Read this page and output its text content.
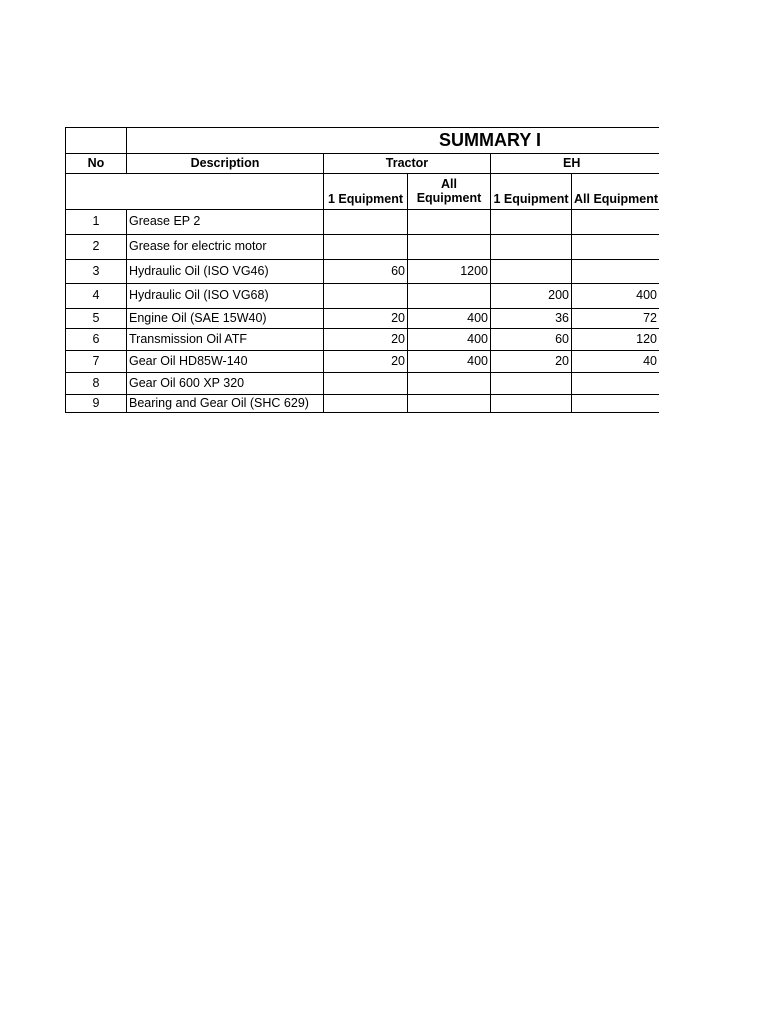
	SUMMARY I					
No	Description	Tractor		EH		
		1 Equipment	All Equipment	1 Equipment	All Equipment	
1	Grease EP 2					
2	Grease for electric motor					
3	Hydraulic Oil (ISO VG46)	60	1200			
4	Hydraulic Oil (ISO VG68)			200	400	
5	Engine Oil (SAE 15W40)	20	400	36	72	
6	Transmission Oil ATF	20	400	60	120	
7	Gear Oil HD85W-140	20	400	20	40	
8	Gear Oil 600 XP 320					
9	Bearing and Gear Oil (SHC 629)					
